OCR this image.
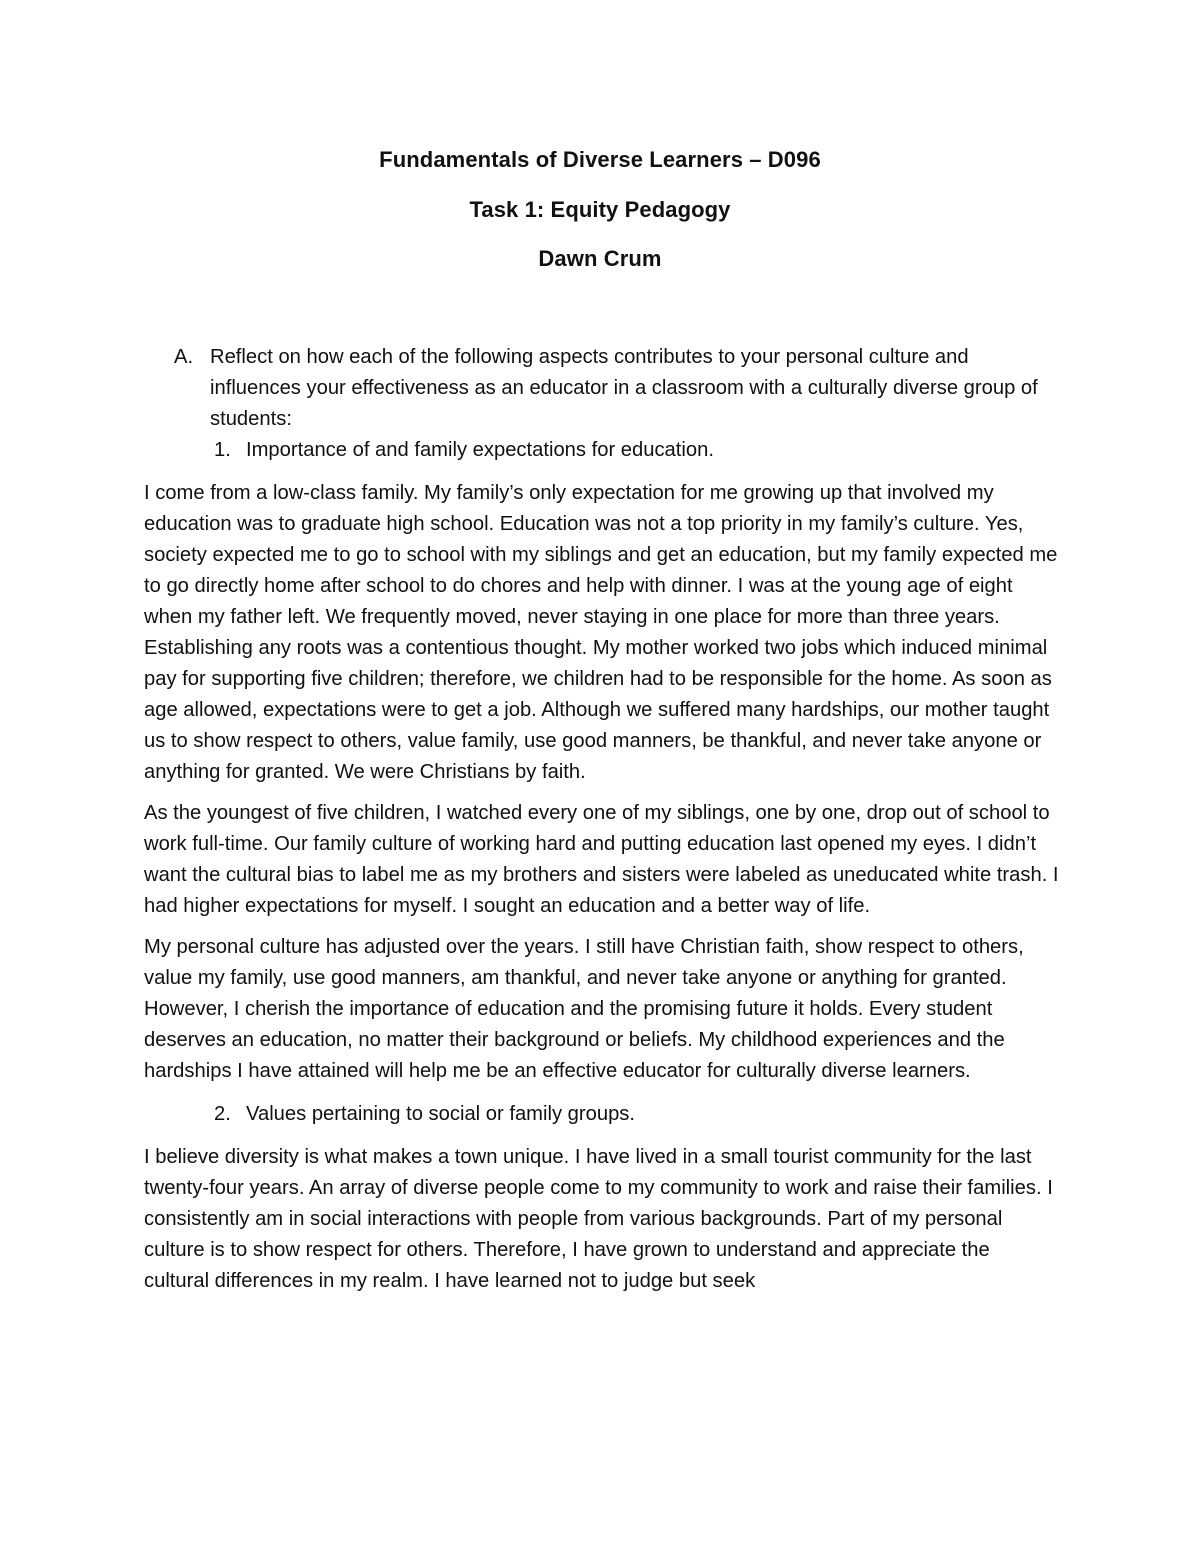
Fundamentals of Diverse Learners – D096
Task 1: Equity Pedagogy
Dawn Crum
A. Reflect on how each of the following aspects contributes to your personal culture and influences your effectiveness as an educator in a classroom with a culturally diverse group of students:
1. Importance of and family expectations for education.

I come from a low-class family. My family’s only expectation for me growing up that involved my education was to graduate high school. Education was not a top priority in my family’s culture. Yes, society expected me to go to school with my siblings and get an education, but my family expected me to go directly home after school to do chores and help with dinner. I was at the young age of eight when my father left. We frequently moved, never staying in one place for more than three years. Establishing any roots was a contentious thought. My mother worked two jobs which induced minimal pay for supporting five children; therefore, we children had to be responsible for the home. As soon as age allowed, expectations were to get a job. Although we suffered many hardships, our mother taught us to show respect to others, value family, use good manners, be thankful, and never take anyone or anything for granted. We were Christians by faith.

As the youngest of five children, I watched every one of my siblings, one by one, drop out of school to work full-time. Our family culture of working hard and putting education last opened my eyes. I didn’t want the cultural bias to label me as my brothers and sisters were labeled as uneducated white trash. I had higher expectations for myself. I sought an education and a better way of life.

My personal culture has adjusted over the years. I still have Christian faith, show respect to others, value my family, use good manners, am thankful, and never take anyone or anything for granted. However, I cherish the importance of education and the promising future it holds. Every student deserves an education, no matter their background or beliefs. My childhood experiences and the hardships I have attained will help me be an effective educator for culturally diverse learners.

2. Values pertaining to social or family groups.

I believe diversity is what makes a town unique. I have lived in a small tourist community for the last twenty-four years. An array of diverse people come to my community to work and raise their families. I consistently am in social interactions with people from various backgrounds. Part of my personal culture is to show respect for others. Therefore, I have grown to understand and appreciate the cultural differences in my realm. I have learned not to judge but seek
